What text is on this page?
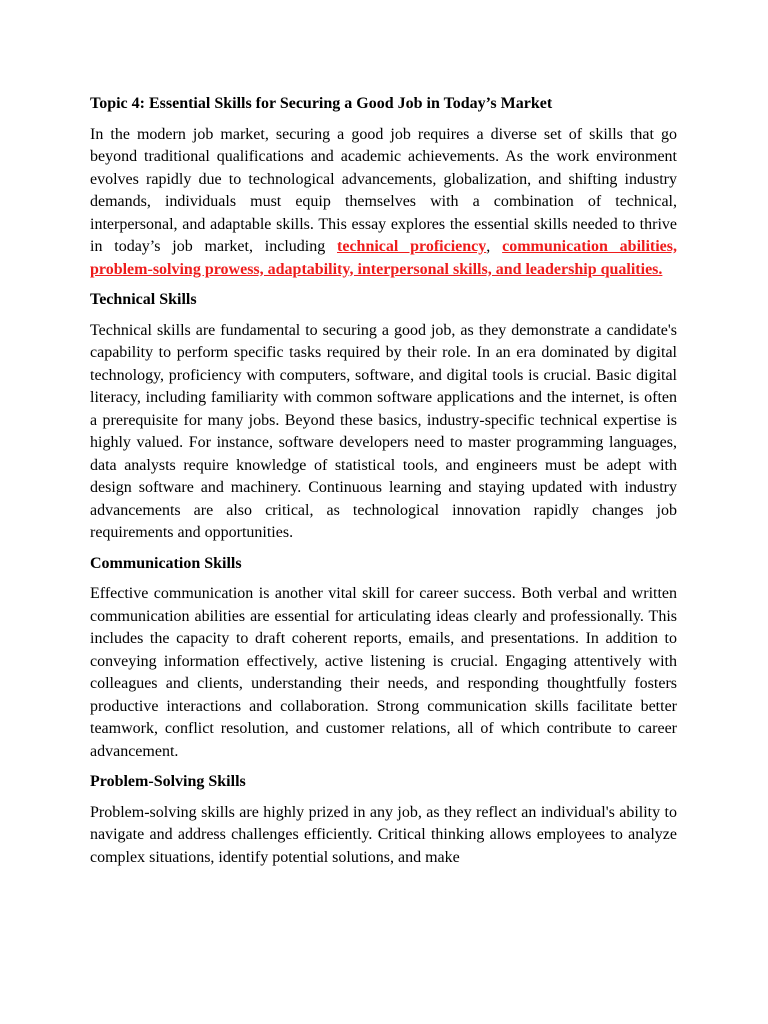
Topic 4: Essential Skills for Securing a Good Job in Today’s Market

In the modern job market, securing a good job requires a diverse set of skills that go beyond traditional qualifications and academic achievements. As the work environment evolves rapidly due to technological advancements, globalization, and shifting industry demands, individuals must equip themselves with a combination of technical, interpersonal, and adaptable skills. This essay explores the essential skills needed to thrive in today’s job market, including technical proficiency, communication abilities, problem-solving prowess, adaptability, interpersonal skills, and leadership qualities.

Technical Skills

Technical skills are fundamental to securing a good job, as they demonstrate a candidate's capability to perform specific tasks required by their role. In an era dominated by digital technology, proficiency with computers, software, and digital tools is crucial. Basic digital literacy, including familiarity with common software applications and the internet, is often a prerequisite for many jobs. Beyond these basics, industry-specific technical expertise is highly valued. For instance, software developers need to master programming languages, data analysts require knowledge of statistical tools, and engineers must be adept with design software and machinery. Continuous learning and staying updated with industry advancements are also critical, as technological innovation rapidly changes job requirements and opportunities.

Communication Skills

Effective communication is another vital skill for career success. Both verbal and written communication abilities are essential for articulating ideas clearly and professionally. This includes the capacity to draft coherent reports, emails, and presentations. In addition to conveying information effectively, active listening is crucial. Engaging attentively with colleagues and clients, understanding their needs, and responding thoughtfully fosters productive interactions and collaboration. Strong communication skills facilitate better teamwork, conflict resolution, and customer relations, all of which contribute to career advancement.

Problem-Solving Skills

Problem-solving skills are highly prized in any job, as they reflect an individual's ability to navigate and address challenges efficiently. Critical thinking allows employees to analyze complex situations, identify potential solutions, and make
